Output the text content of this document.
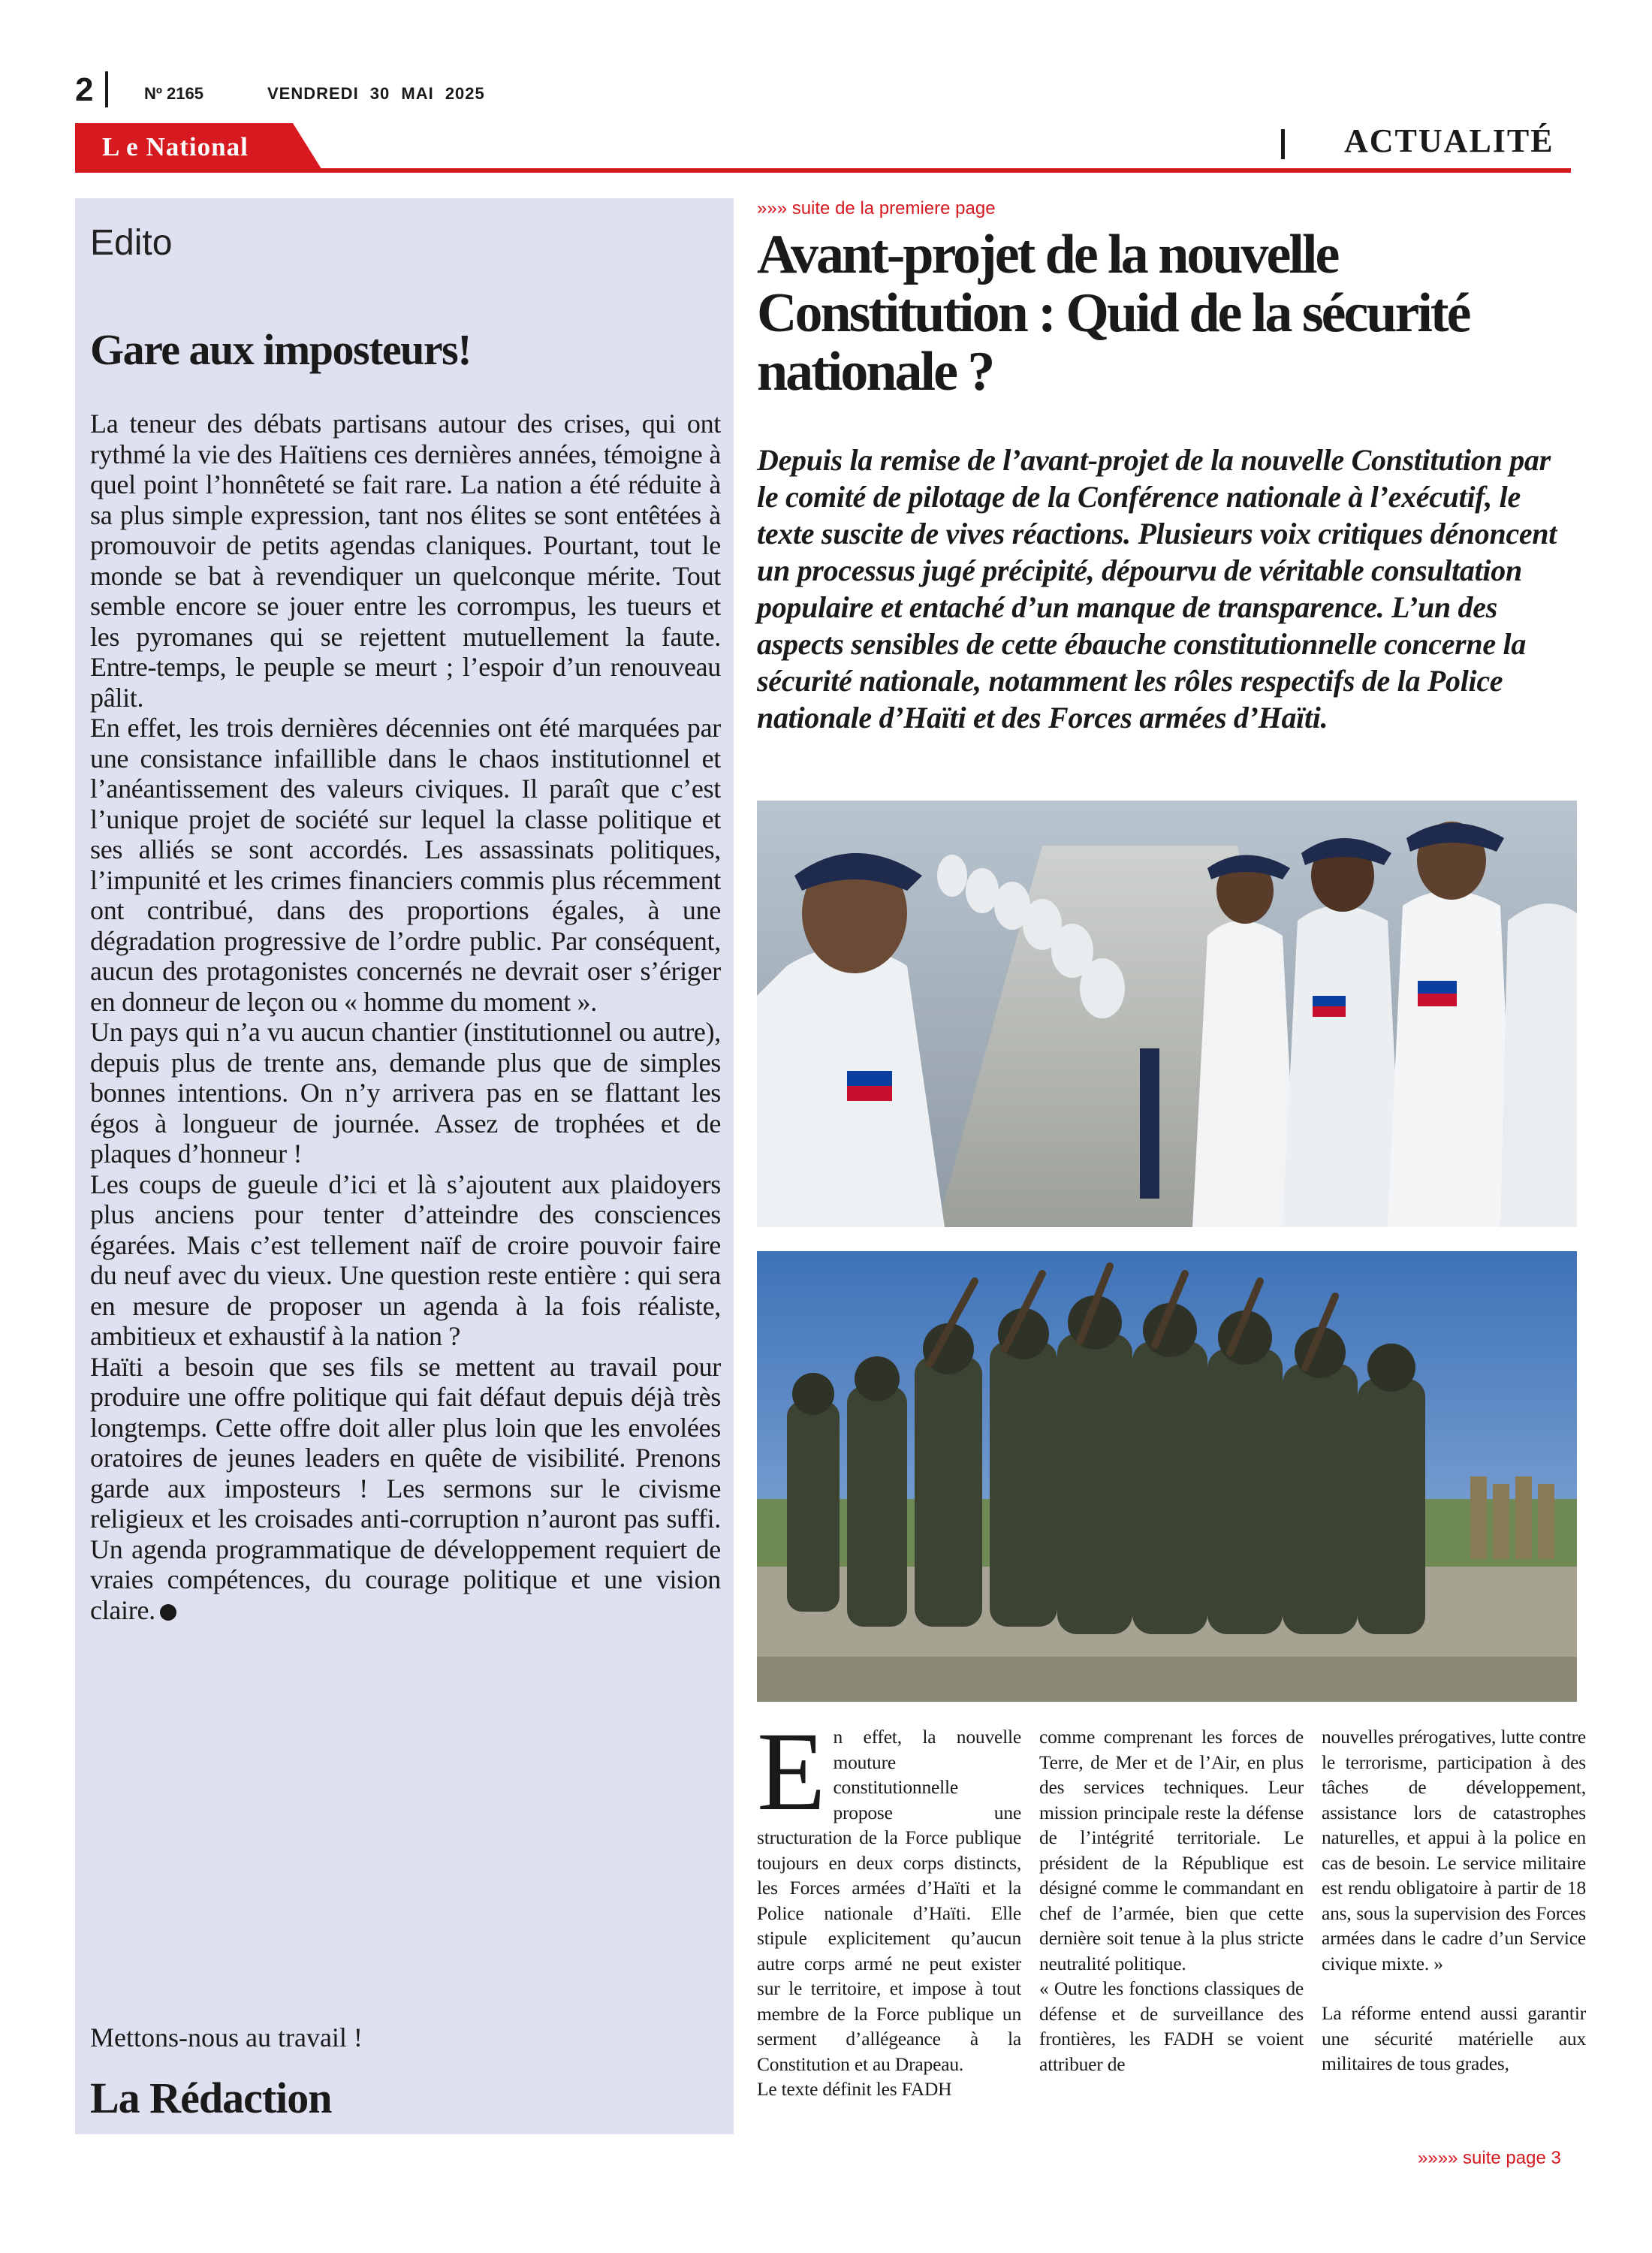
2	Nº 2165	VENDREDI 30 MAI 2025
L e National	ACTUALITÉ
Edito
Gare aux imposteurs!

La teneur des débats partisans autour des crises, qui ont rythmé la vie des Haïtiens ces dernières années, témoigne à quel point l’honnêteté se fait rare. La nation a été réduite à sa plus simple expression, tant nos élites se sont entêtées à promouvoir de petits agendas claniques. Pourtant, tout le monde se bat à revendiquer un quelconque mérite. Tout semble encore se jouer entre les corrompus, les tueurs et les pyromanes qui se rejettent mutuellement la faute. Entre-temps, le peuple se meurt ; l’espoir d’un renouveau pâlit.

En effet, les trois dernières décennies ont été marquées par une consistance infaillible dans le chaos institutionnel et l’anéantissement des valeurs civiques. Il paraît que c’est l’unique projet de société sur lequel la classe politique et ses alliés se sont accordés. Les assassinats politiques, l’impunité et les crimes financiers commis plus récemment ont contribué, dans des proportions égales, à une dégradation progressive de l’ordre public. Par conséquent, aucun des protagonistes concernés ne devrait oser s’ériger en donneur de leçon ou « homme du moment ».

Un pays qui n’a vu aucun chantier (institutionnel ou autre), depuis plus de trente ans, demande plus que de simples bonnes intentions. On n’y arrivera pas en se flattant les égos à longueur de journée. Assez de trophées et de plaques d’honneur !

Les coups de gueule d’ici et là s’ajoutent aux plaidoyers plus anciens pour tenter d’atteindre des consciences égarées. Mais c’est tellement naïf de croire pouvoir faire du neuf avec du vieux. Une question reste entière : qui sera en mesure de proposer un agenda à la fois réaliste, ambitieux et exhaustif à la nation ?

Haïti a besoin que ses fils se mettent au travail pour produire une offre politique qui fait défaut depuis déjà très longtemps. Cette offre doit aller plus loin que les envolées oratoires de jeunes leaders en quête de visibilité. Prenons garde aux imposteurs ! Les sermons sur le civisme religieux et les croisades anti-corruption n’auront pas suffi. Un agenda programmatique de développement requiert de vraies compétences, du courage politique et une vision claire.

Mettons-nous au travail !
La Rédaction
»»» suite de la premiere page
Avant-projet de la nouvelle Constitution : Quid de la sécurité nationale ?
Depuis la remise de l’avant-projet de la nouvelle Constitution par le comité de pilotage de la Conférence nationale à l’exécutif, le texte suscite de vives réactions. Plusieurs voix critiques dénoncent un processus jugé précipité, dépourvu de véritable consultation populaire et entaché d’un manque de transparence. L’un des aspects sensibles de cette ébauche constitutionnelle concerne la sécurité nationale, notamment les rôles respectifs de la Police nationale d’Haïti et des Forces armées d’Haïti.
E n effet, la nouvelle mouture constitutionnelle propose une structuration de la Force publique toujours en deux corps distincts, les Forces armées d’Haïti et la Police nationale d’Haïti. Elle stipule explicitement qu’aucun autre corps armé ne peut exister sur le territoire, et impose à tout membre de la Force publique un serment d’allégeance à la Constitution et au Drapeau.

Le texte définit les FADH

comme comprenant les forces de Terre, de Mer et de l’Air, en plus des services techniques. Leur mission principale reste la défense de l’intégrité territoriale. Le président de la République est désigné comme le commandant en chef de l’armée, bien que cette dernière soit tenue à la plus stricte neutralité politique.

« Outre les fonctions classiques de défense et de surveillance des frontières, les FADH se voient attribuer de

nouvelles prérogatives, lutte contre le terrorisme, participation à des tâches de développement, assistance lors de catastrophes naturelles, et appui à la police en cas de besoin. Le service militaire est rendu obligatoire à partir de 18 ans, sous la supervision des Forces armées dans le cadre d’un Service civique mixte. »

La réforme entend aussi garantir une sécurité matérielle aux militaires de tous grades,

»»»» suite page 3
